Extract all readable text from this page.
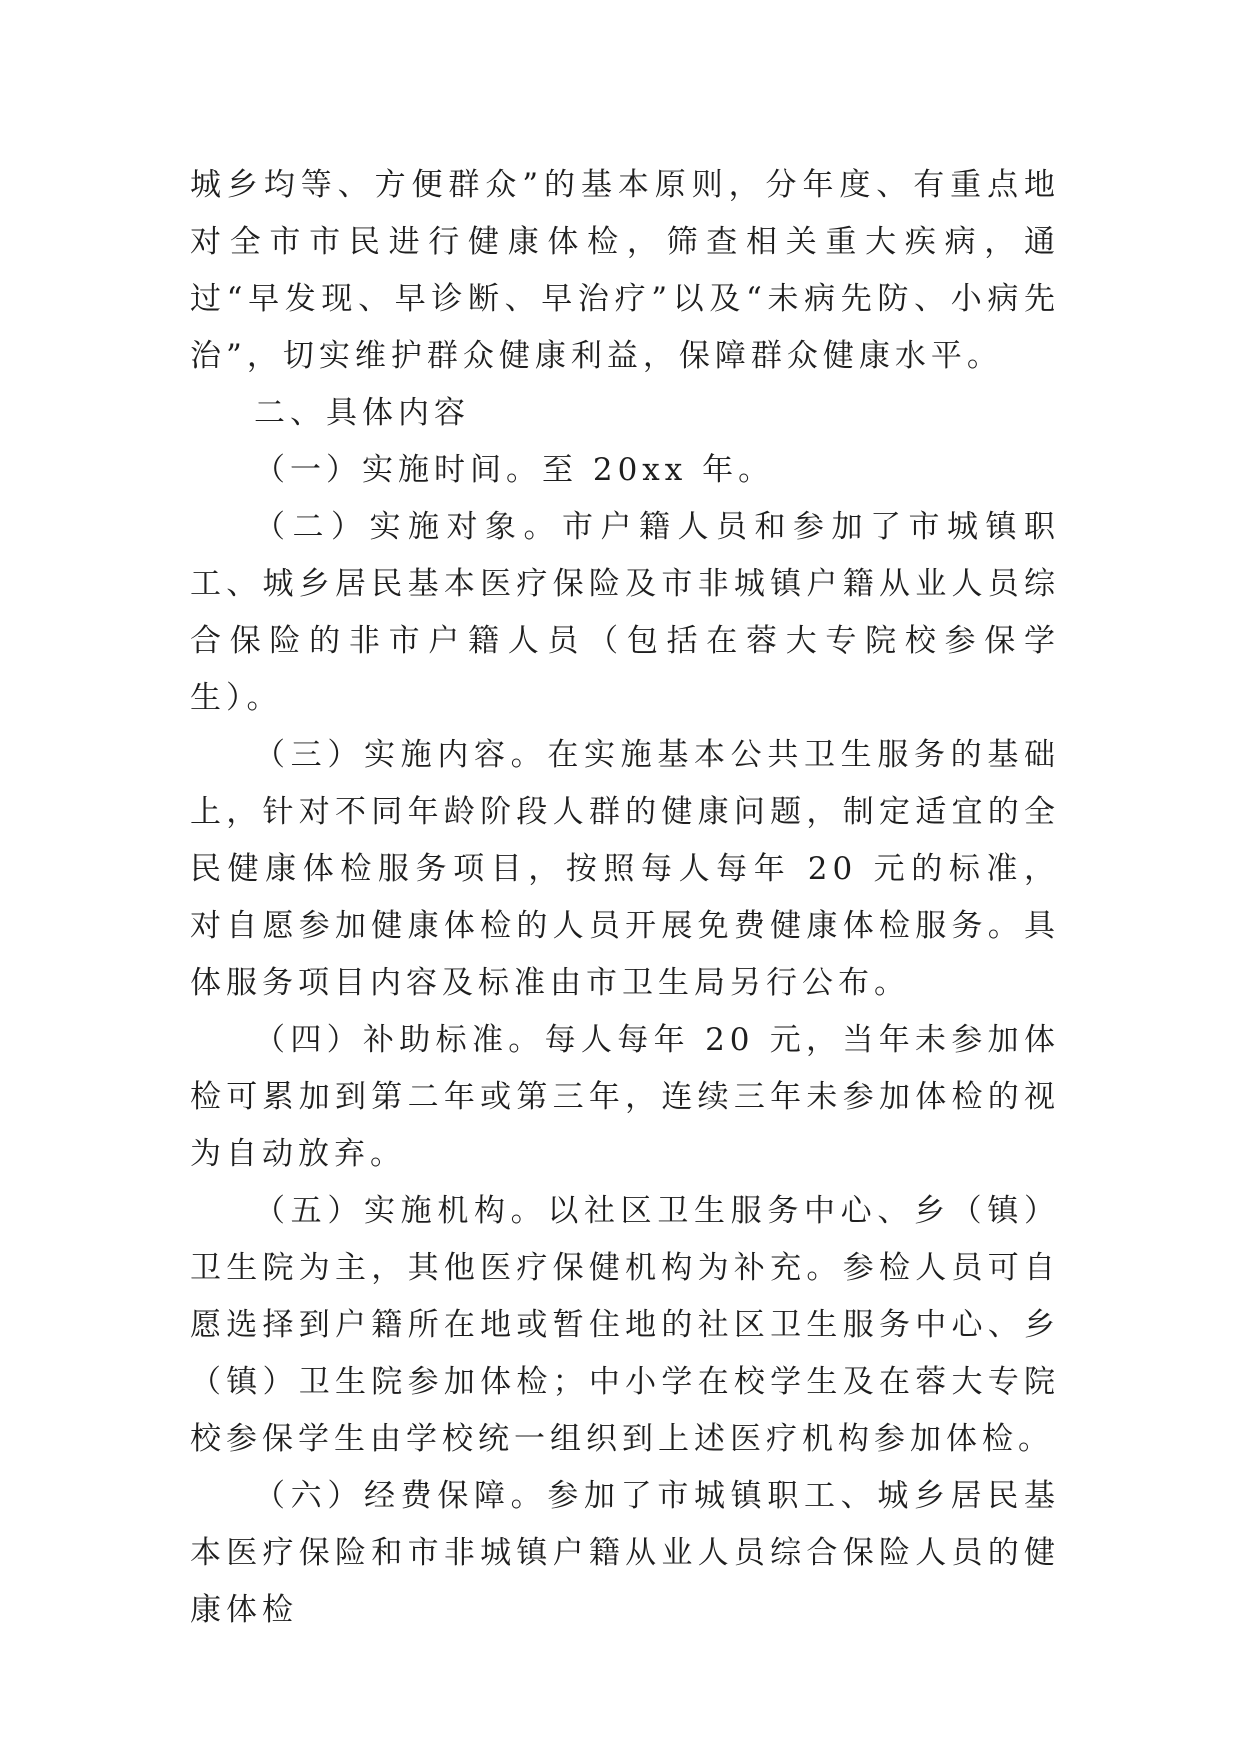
城乡均等、方便群众”的基本原则，分年度、有重点地对全市市民进行健康体检，筛查相关重大疾病，通过“早发现、早诊断、早治疗”以及“未病先防、小病先治”，切实维护群众健康利益，保障群众健康水平。

二、具体内容

（一）实施时间。至 20xx 年。

（二）实施对象。市户籍人员和参加了市城镇职工、城乡居民基本医疗保险及市非城镇户籍从业人员综合保险的非市户籍人员（包括在蓉大专院校参保学生）。

（三）实施内容。在实施基本公共卫生服务的基础上，针对不同年龄阶段人群的健康问题，制定适宜的全民健康体检服务项目，按照每人每年 20 元的标准，对自愿参加健康体检的人员开展免费健康体检服务。具体服务项目内容及标准由市卫生局另行公布。

（四）补助标准。每人每年 20 元，当年未参加体检可累加到第二年或第三年，连续三年未参加体检的视为自动放弃。

（五）实施机构。以社区卫生服务中心、乡（镇）卫生院为主，其他医疗保健机构为补充。参检人员可自愿选择到户籍所在地或暂住地的社区卫生服务中心、乡（镇）卫生院参加体检；中小学在校学生及在蓉大专院校参保学生由学校统一组织到上述医疗机构参加体检。

（六）经费保障。参加了市城镇职工、城乡居民基本医疗保险和市非城镇户籍从业人员综合保险人员的健康体检
